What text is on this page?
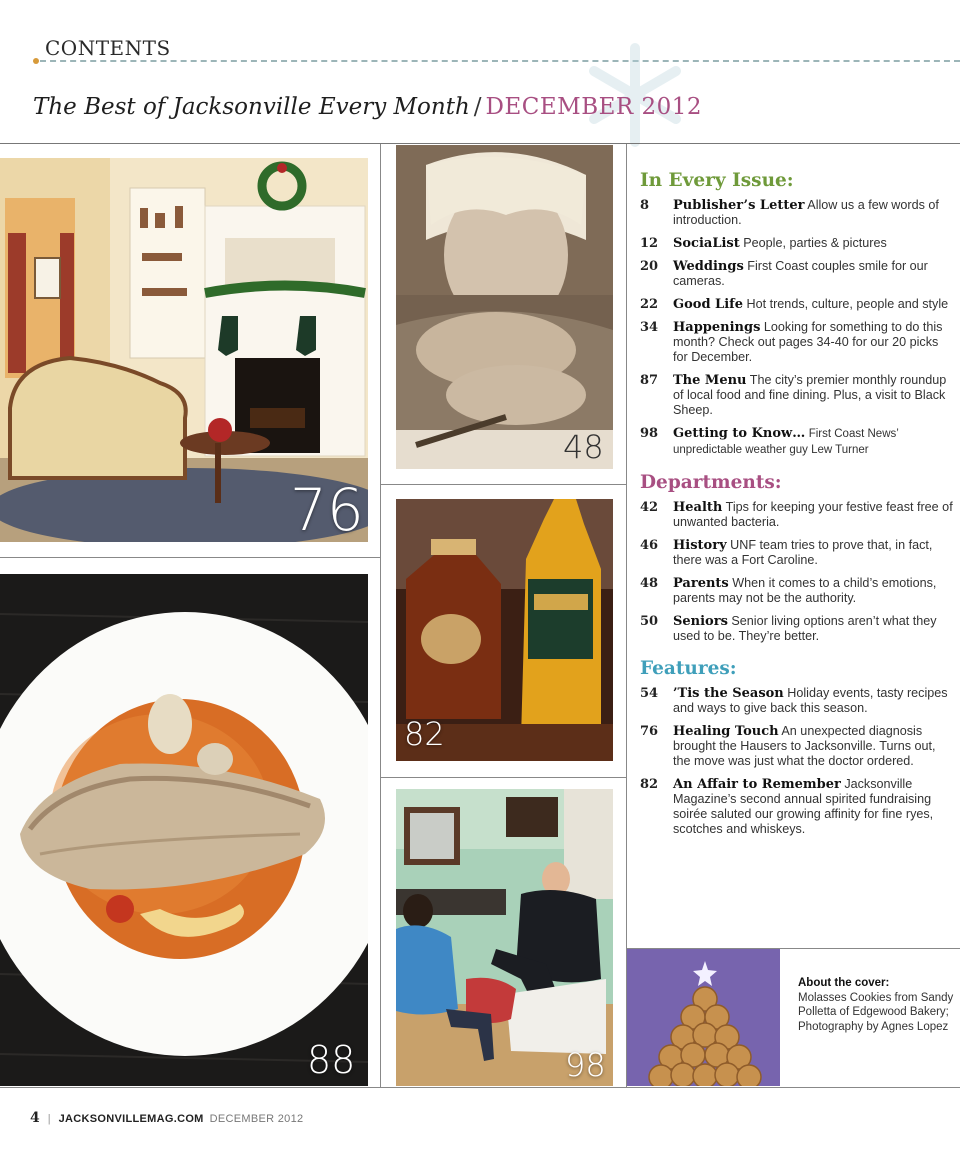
CONTENTS
The Best of Jacksonville Every Month / DECEMBER 2012
76
48
82
88	98
In Every Issue:
8	Publisher’s Letter Allow us a few words of introduction.
12	SociaList People, parties & pictures
20	Weddings First Coast couples smile for our cameras.
22	Good Life Hot trends, culture, people and style
34	Happenings Looking for something to do this month? Check out pages 34-40 for our 20 picks for December.
87	The Menu The city’s premier monthly roundup of local food and fine dining. Plus, a visit to Black Sheep.
98	Getting to Know… First Coast News’ unpredictable weather guy Lew Turner
Departments:
42	Health Tips for keeping your festive feast free of unwanted bacteria.
46	History UNF team tries to prove that, in fact, there was a Fort Caroline.
48	Parents When it comes to a child’s emotions, parents may not be the authority.
50	Seniors Senior living options aren’t what they used to be. They’re better.
Features:
54	’Tis the Season Holiday events, tasty recipes and ways to give back this season.
76	Healing Touch An unexpected diagnosis brought the Hausers to Jacksonville. Turns out, the move was just what the doctor ordered.
82	An Affair to Remember Jacksonville Magazine’s second annual spirited fundraising soirée saluted our growing affinity for fine ryes, scotches and whiskeys.
About the cover:
Molasses Cookies from Sandy Polletta of Edgewood Bakery; Photography by Agnes Lopez
4 | JACKSONVILLEMAG.COM DECEMBER 2012
